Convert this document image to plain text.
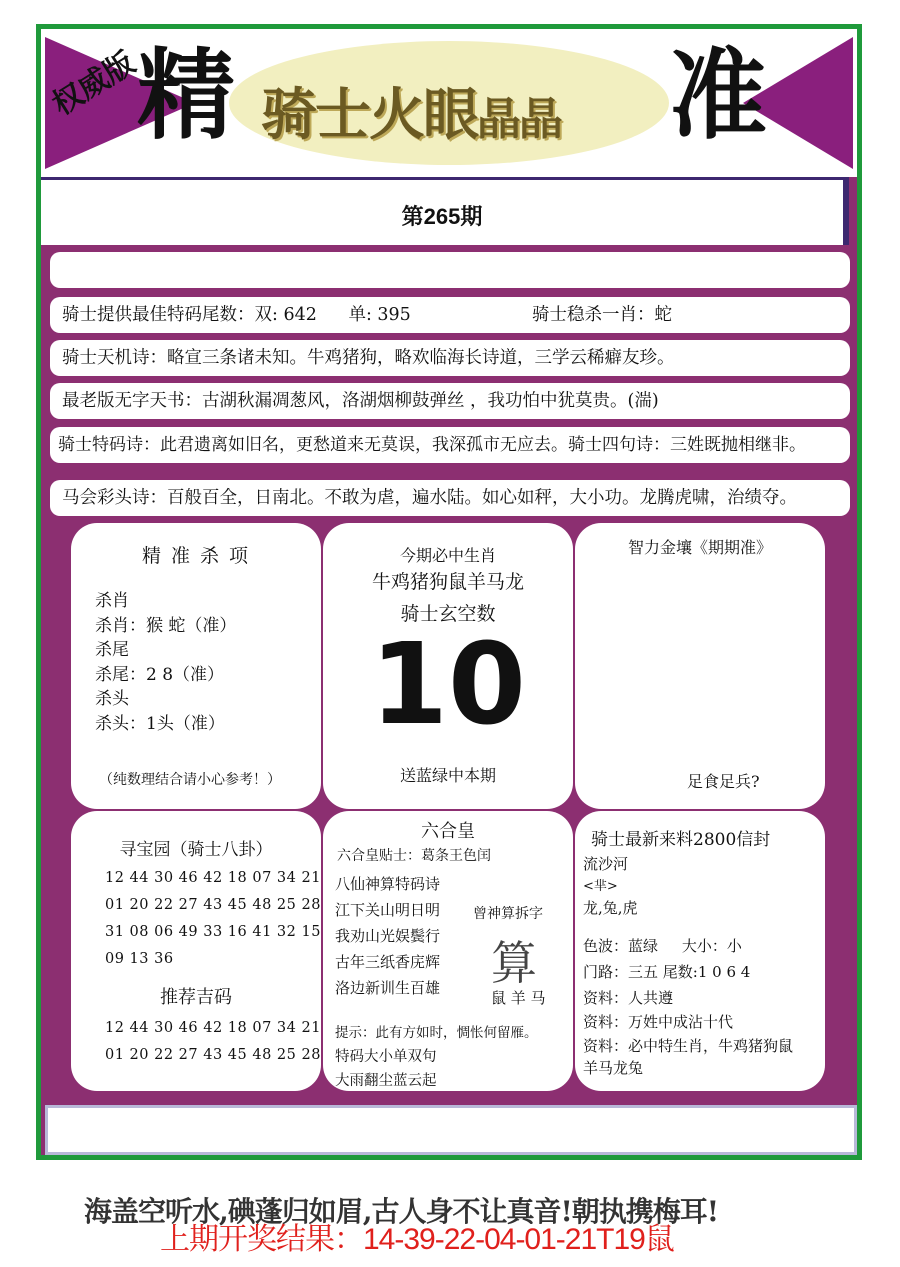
权威版
精 骑士火眼晶晶 准
第265期
骑士提供最佳特码尾数：双: 642 单: 395	骑士稳杀一肖：蛇
骑士天机诗：略宣三条诸未知。牛鸡猪狗，略欢临海长诗道，三学云稀癖友珍。
最老版无字天书：古湖秋漏凋葱风，洛湖烟柳鼓弹丝 ，我功怕中犹莫贵。(湍)
骑士特码诗：此君遗离如旧名，更愁道来无莫误，我深孤市无应去。骑士四句诗：三姓既抛相继非。
马会彩头诗：百般百全，日南北。不敢为虐，遍水陆。如心如秤，大小功。龙腾虎啸，治绩夺。
精 准 杀 项
杀肖
杀肖：猴 蛇（准）
杀尾
杀尾：2 8（准）
杀头
杀头：1头（准）
（纯数理结合请小心参考！）
今期必中生肖
牛鸡猪狗鼠羊马龙
骑士玄空数
10
送蓝绿中本期
智力金壤《期期准》
足食足兵?
寻宝园（骑士八卦）
12 44 30 46 42 18 07 34 21
01 20 22 27 43 45 48 25 28
31 08 06 49 33 16 41 32 15
09 13 36
推荐吉码
12 44 30 46 42 18 07 34 21
01 20 22 27 43 45 48 25 28
六合皇
六合皇贴士：葛条王色闰
八仙神算特码诗
江下关山明日明
我劝山光娱鬓行
古年三纸香庑辉
洛边新训生百雄
曾神算拆字
算
鼠 羊 马
提示：此有方如时，惆怅何留雁。
特码大小单双句
大雨翻尘蓝云起
骑士最新来料2800信封
流沙河
<芈>
龙,兔,虎
色波：蓝绿     大小：小
门路：三五 尾数:1 0 6 4
资料：人共遵
资料：万姓中成沾十代
资料：必中特生肖，牛鸡猪狗鼠
羊马龙兔
海盖空听水,碘蓬归如眉,古人身不让真音!朝执携梅耳!
上期开奖结果：14-39-22-04-01-21T19鼠
